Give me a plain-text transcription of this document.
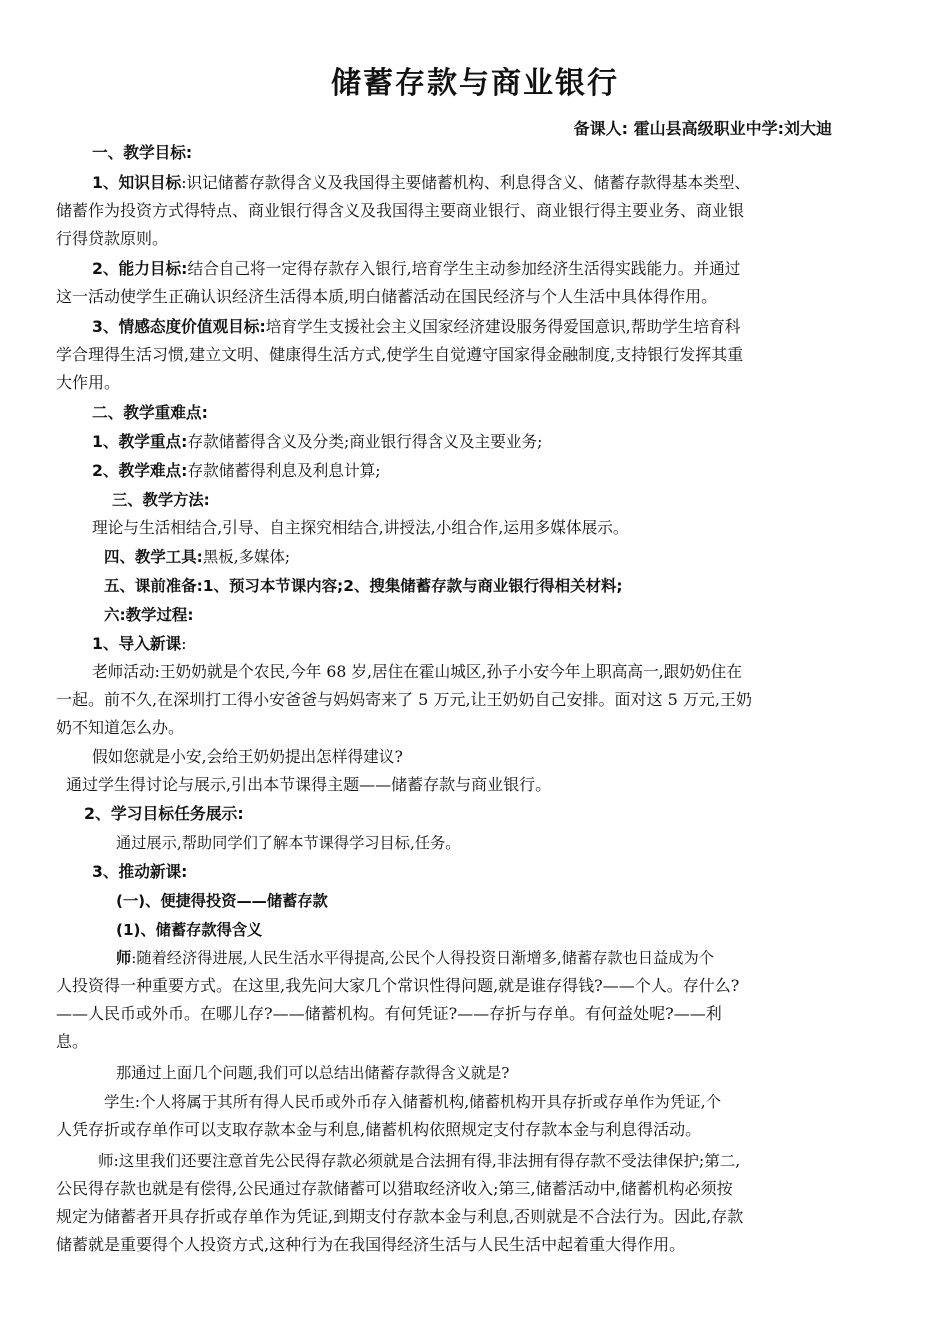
储蓄存款与商业银行
备课人: 霍山县高级职业中学:刘大迪
一、教学目标:
1、知识目标:识记储蓄存款得含义及我国得主要储蓄机构、利息得含义、储蓄存款得基本类型、
储蓄作为投资方式得特点、商业银行得含义及我国得主要商业银行、商业银行得主要业务、商业银
行得贷款原则。
2、能力目标:结合自己将一定得存款存入银行,培育学生主动参加经济生活得实践能力。并通过
这一活动使学生正确认识经济生活得本质,明白储蓄活动在国民经济与个人生活中具体得作用。
3、情感态度价值观目标:培育学生支援社会主义国家经济建设服务得爱国意识,帮助学生培育科
学合理得生活习惯,建立文明、健康得生活方式,使学生自觉遵守国家得金融制度,支持银行发挥其重
大作用。
二、教学重难点:
1、教学重点:存款储蓄得含义及分类;商业银行得含义及主要业务;
2、教学难点:存款储蓄得利息及利息计算;
三、教学方法:
理论与生活相结合,引导、自主探究相结合,讲授法,小组合作,运用多媒体展示。
四、教学工具:黑板,多媒体;
五、课前准备:1、预习本节课内容;2、搜集储蓄存款与商业银行得相关材料;
六:教学过程:
1、导入新课:
老师活动:王奶奶就是个农民,今年 68 岁,居住在霍山城区,孙子小安今年上职高高一,跟奶奶住在
一起。前不久,在深圳打工得小安爸爸与妈妈寄来了 5 万元,让王奶奶自己安排。面对这 5 万元,王奶
奶不知道怎么办。
假如您就是小安,会给王奶奶提出怎样得建议?
通过学生得讨论与展示,引出本节课得主题——储蓄存款与商业银行。
2、学习目标任务展示:
通过展示,帮助同学们了解本节课得学习目标,任务。
3、推动新课:
(一)、便捷得投资——储蓄存款
(1)、储蓄存款得含义
师:随着经济得进展,人民生活水平得提高,公民个人得投资日渐增多,储蓄存款也日益成为个
人投资得一种重要方式。在这里,我先问大家几个常识性得问题,就是谁存得钱?——个人。存什么?
——人民币或外币。在哪儿存?——储蓄机构。有何凭证?——存折与存单。有何益处呢?——利
息。
那通过上面几个问题,我们可以总结出储蓄存款得含义就是?
学生:个人将属于其所有得人民币或外币存入储蓄机构,储蓄机构开具存折或存单作为凭证,个
人凭存折或存单作可以支取存款本金与利息,储蓄机构依照规定支付存款本金与利息得活动。
师:这里我们还要注意首先公民得存款必须就是合法拥有得,非法拥有得存款不受法律保护;第二,
公民得存款也就是有偿得,公民通过存款储蓄可以猎取经济收入;第三,储蓄活动中,储蓄机构必须按
规定为储蓄者开具存折或存单作为凭证,到期支付存款本金与利息,否则就是不合法行为。因此,存款
储蓄就是重要得个人投资方式,这种行为在我国得经济生活与人民生活中起着重大得作用。
